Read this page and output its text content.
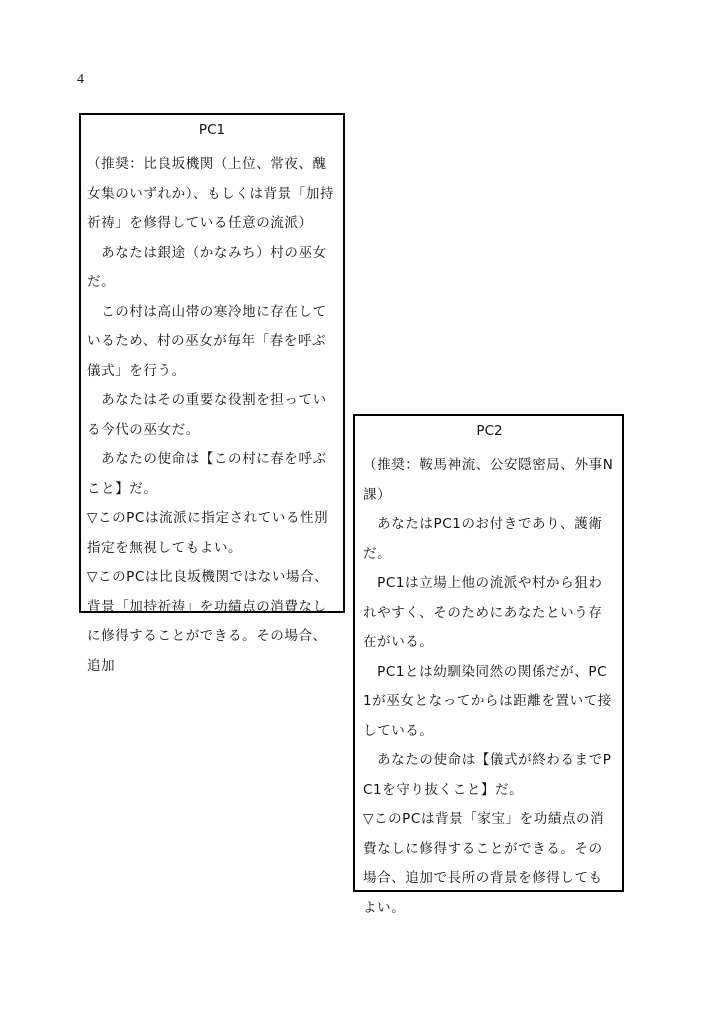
4
PC1

（推奨：比良坂機関（上位、常夜、醜女集のいずれか）、もしくは背景「加持祈祷」を修得している任意の流派）

　あなたは銀途（かなみち）村の巫女だ。

　この村は高山帯の寒冷地に存在しているため、村の巫女が毎年「春を呼ぶ儀式」を行う。

　あなたはその重要な役割を担っている今代の巫女だ。

　あなたの使命は【この村に春を呼ぶこと】だ。

▽このPCは流派に指定されている性別指定を無視してもよい。

▽このPCは比良坂機関ではない場合、背景「加持祈祷」を功績点の消費なしに修得することができる。その場合、追加

PC2

（推奨：鞍馬神流、公安隠密局、外事N課）

　あなたはPC1のお付きであり、護衛だ。

　PC1は立場上他の流派や村から狙われやすく、そのためにあなたという存在がいる。

　PC1とは幼馴染同然の関係だが、PC1が巫女となってからは距離を置いて接している。

　あなたの使命は【儀式が終わるまでPC1を守り抜くこと】だ。

▽このPCは背景「家宝」を功績点の消費なしに修得することができる。その場合、追加で長所の背景を修得してもよい。
